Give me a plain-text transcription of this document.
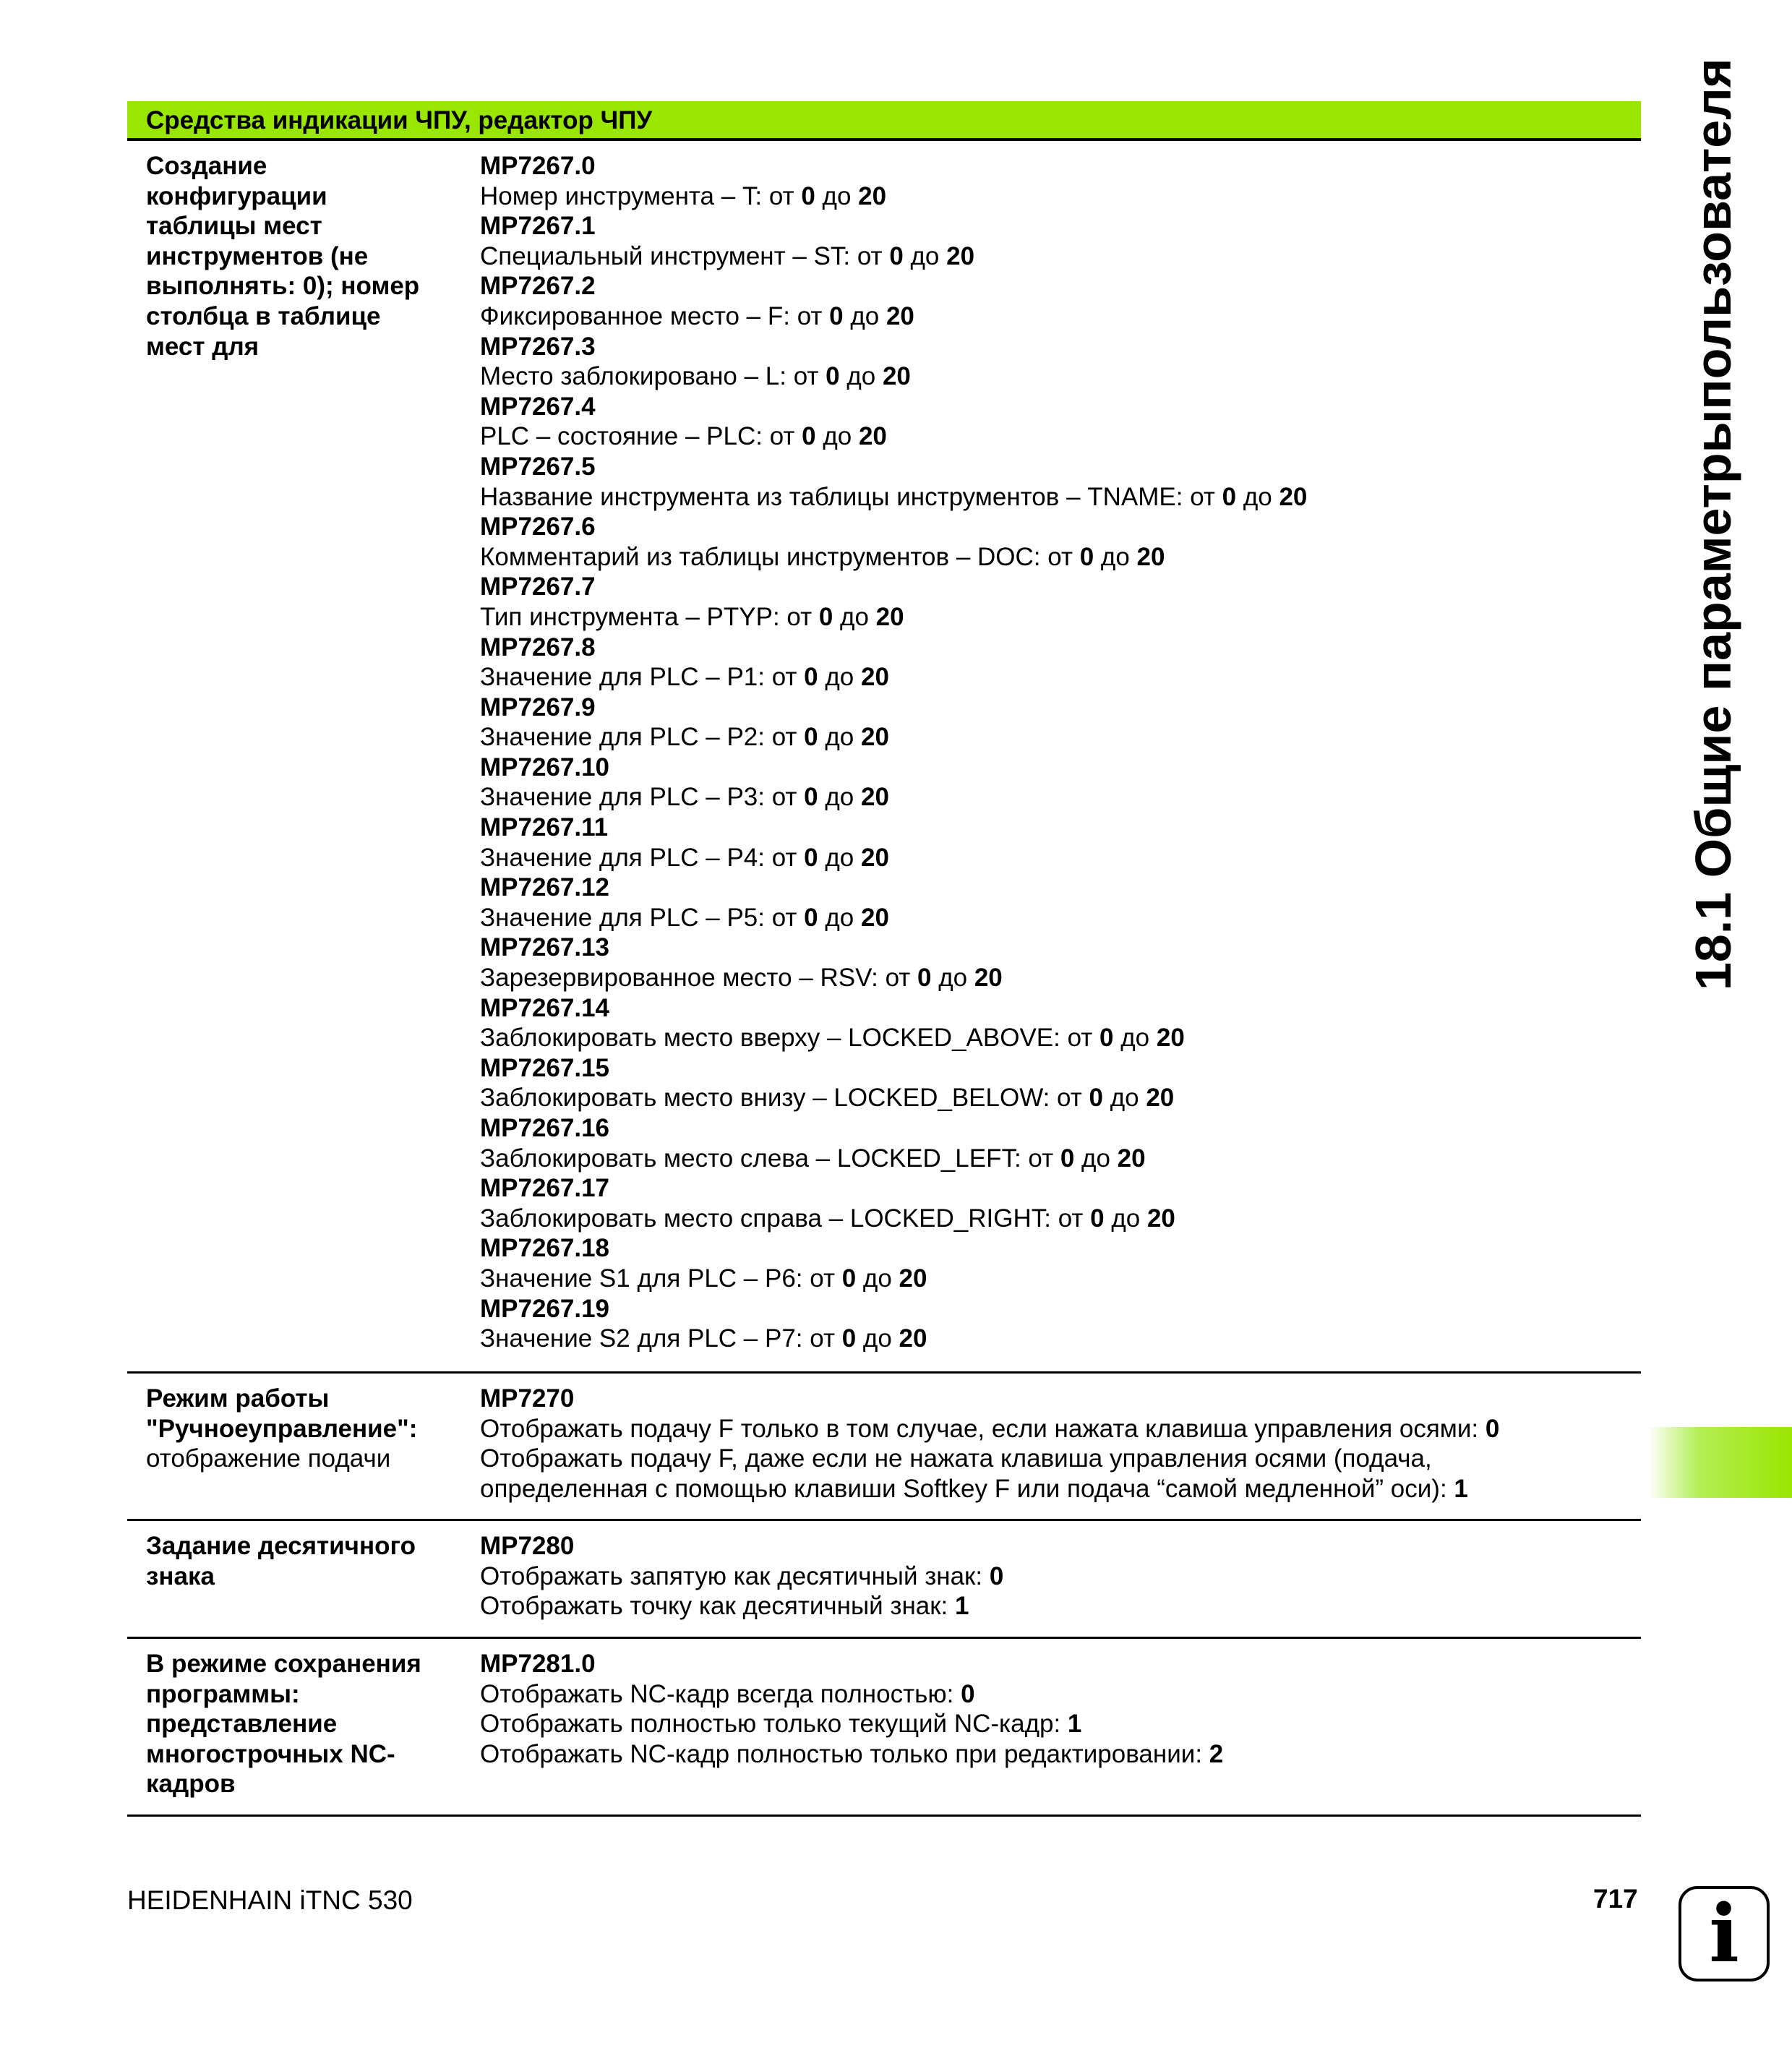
Средства индикации ЧПУ, редактор ЧПУ
Создание
конфигурации
таблицы мест
инструментов (не
выполнять: 0); номер
столбца в таблице
мест для
MP7267.0
Номер инструмента – T: от 0 до 20
MP7267.1
Специальный инструмент – ST: от 0 до 20
MP7267.2
Фиксированное место – F: от 0 до 20
MP7267.3
Место заблокировано – L: от 0 до 20
MP7267.4
PLC – состояние – PLC: от 0 до 20
MP7267.5
Название инструмента из таблицы инструментов – TNAME: от 0 до 20
MP7267.6
Комментарий из таблицы инструментов – DOC: от 0 до 20
MP7267.7
Тип инструмента – PTYP: от 0 до 20
MP7267.8
Значение для PLC – P1: от 0 до 20
MP7267.9
Значение для PLC – P2: от 0 до 20
MP7267.10
Значение для PLC – P3: от 0 до 20
MP7267.11
Значение для PLC – P4: от 0 до 20
MP7267.12
Значение для PLC – P5: от 0 до 20
MP7267.13
Зарезервированное место – RSV: от 0 до 20
MP7267.14
Заблокировать место вверху – LOCKED_ABOVE: от 0 до 20
MP7267.15
Заблокировать место внизу – LOCKED_BELOW: от 0 до 20
MP7267.16
Заблокировать место слева – LOCKED_LEFT: от 0 до 20
MP7267.17
Заблокировать место справа – LOCKED_RIGHT: от 0 до 20
MP7267.18
Значение S1 для PLC – P6: от 0 до 20
MP7267.19
Значение S2 для PLC – P7: от 0 до 20
Режим работы
"Ручноеуправление":
отображение подачи
MP7270
Отображать подачу F только в том случае, если нажата клавиша управления осями: 0
Отображать подачу F, даже если не нажата клавиша управления осями (подача,
определенная с помощью клавиши Softkey F или подача “самой медленной” оси): 1
Задание десятичного
знака
MP7280
Отображать запятую как десятичный знак: 0
Отображать точку как десятичный знак: 1
В режиме сохранения
программы:
представление
многострочных NC-
кадров
MP7281.0
Отображать NC-кадр всегда полностью: 0
Отображать полностью только текущий NC-кадр: 1
Отображать NC-кадр полностью только при редактировании: 2
18.1 Общие параметрыпользователя
HEIDENHAIN iTNC 530	717 i
